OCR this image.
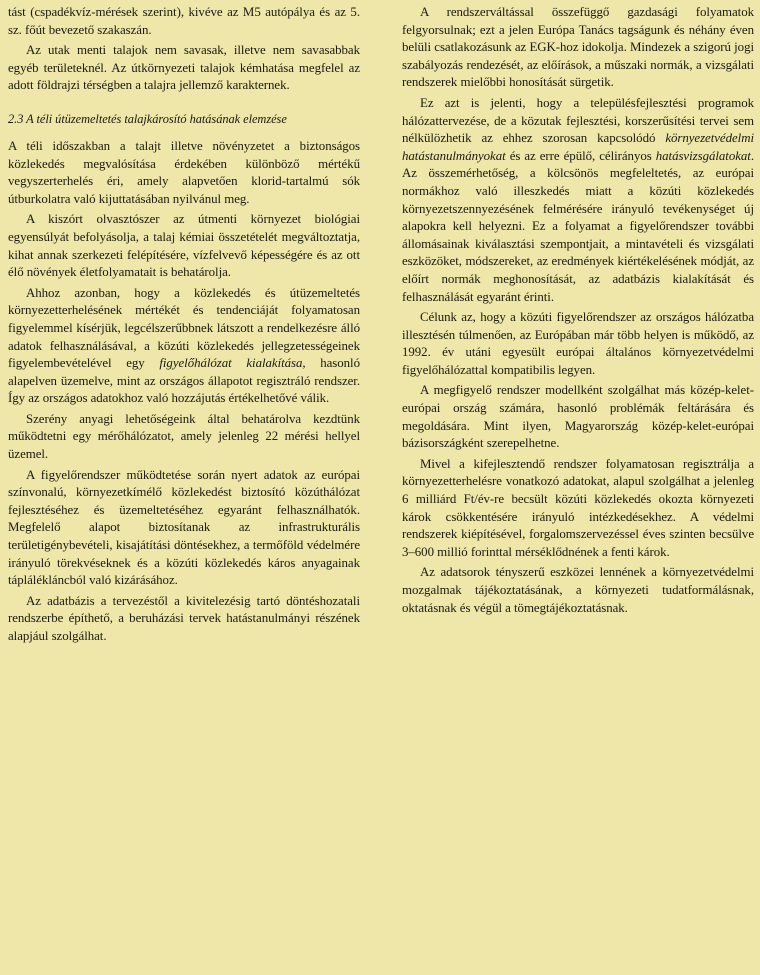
tást (cspadékvíz-mérések szerint), kivéve az M5 autópálya és az 5. sz. főút bevezető szakaszán.

Az utak menti talajok nem savasak, illetve nem savasabbak egyéb területeknél. Az útkörnyezeti talajok kémhatása megfelel az adott földrajzi térségben a talajra jellemző karakternek.

2.3 A téli útüzemeltetés talajkárosító hatásának elemzése

A téli időszakban a talajt illetve növényzetet a biztonságos közlekedés megvalósítása érdekében különböző mértékű vegyszerterhelés éri, amely alapvetően klorid-tartalmú sók útburkolatra való kijuttatásában nyilvánul meg.

A kiszórt olvasztószer az útmenti környezet biológiai egyensúlyát befolyásolja, a talaj kémiai összetételét megváltoztatja, kihat annak szerkezeti felépítésére, vízfelvevő képességére és az ott élő növények életfolyamatait is behatárolja.

Ahhoz azonban, hogy a közlekedés és útüzemeltetés környezetterhelésének mértékét és tendenciáját folyamatosan figyelemmel kísérjük, legcélszerűbbnek látszott a rendelkezésre álló adatok felhasználásával, a közúti közlekedés jellegzetességeinek figyelembevételével egy figyelőhálózat kialakítása, hasonló alapelven üzemelve, mint az országos állapotot regisztráló rendszer. Így az országos adatokhoz való hozzájutás értékelhetővé válik.

Szerény anyagi lehetőségeink által behatárolva kezdtünk működtetni egy mérőhálózatot, amely jelenleg 22 mérési hellyel üzemel.

A figyelőrendszer működtetése során nyert adatok az európai színvonalú, környezetkímélő közlekedést biztosító közúthálózat fejlesztéséhez és üzemeltetéséhez egyaránt felhasználhatók. Megfelelő alapot biztosítanak az infrastrukturális területigénybevételi, kisajátítási döntésekhez, a termőföld védelmére irányuló törekvéseknek és a közúti közlekedés káros anyagainak táplálékláncból való kizárásához.

Az adatbázis a tervezéstől a kivitelezésig tartó döntéshozatali rendszerbe építhető, a beruházási tervek hatástanulmányi részének alapjául szolgálhat.

A rendszerváltással összefüggő gazdasági folyamatok felgyorsulnak; ezt a jelen Európa Tanács tagságunk és néhány éven belüli csatlakozásunk az EGK-hoz idokolja. Mindezek a szigorú jogi szabályozás rendezését, az előírások, a műszaki normák, a vizsgálati rendszerek mielőbbi honosítását sürgetik.

Ez azt is jelenti, hogy a településfejlesztési programok hálózattervezése, de a közutak fejlesztési, korszerűsítési tervei sem nélkülözhetik az ehhez szorosan kapcsolódó környezetvédelmi hatástanulmányokat és az erre épülő, célirányos hatásvizsgálatokat. Az összemérhetőség, a kölcsönös megfeleltetés, az európai normákhoz való illeszkedés miatt a közúti közlekedés környezetszennyezésének felmérésére irányuló tevékenységet új alapokra kell helyezni. Ez a folyamat a figyelőrendszer további állomásainak kiválasztási szempontjait, a mintavételi és vizsgálati eszközöket, módszereket, az eredmények kiértékelésének módját, az előírt normák meghonosítását, az adatbázis kialakítását és felhasználását egyaránt érinti.

Célunk az, hogy a közúti figyelőrendszer az országos hálózatba illesztésén túlmenően, az Európában már több helyen is működő, az 1992. év utáni egyesült európai általános környezetvédelmi figyelőhálózattal kompatibilis legyen.

A megfigyelő rendszer modellként szolgálhat más közép-kelet-európai ország számára, hasonló problémák feltárására és megoldására. Mint ilyen, Magyarország közép-kelet-európai bázisországként szerepelhetne.

Mivel a kifejlesztendő rendszer folyamatosan regisztrálja a környezetterhelésre vonatkozó adatokat, alapul szolgálhat a jelenleg 6 milliárd Ft/év-re becsült közúti közlekedés okozta környezeti károk csökkentésére irányuló intézkedésekhez. A védelmi rendszerek kiépítésével, forgalomszervezéssel éves szinten becsülve 3–600 millió forinttal mérséklődnének a fenti károk.

Az adatsorok tényszerű eszközei lennének a környezetvédelmi mozgalmak tájékoztatásának, a környezeti tudatformálásnak, oktatásnak és végül a tömegtájékoztatásnak.
